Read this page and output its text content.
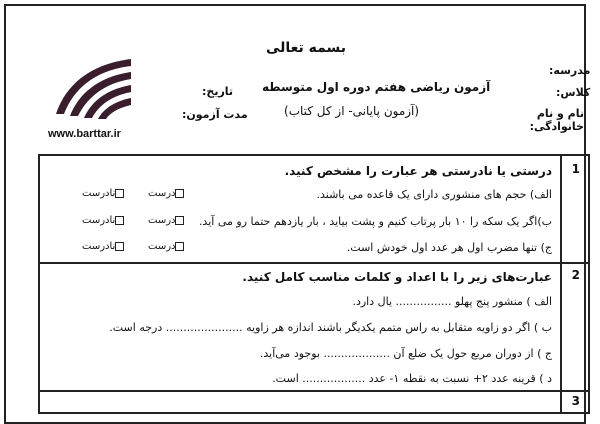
بسمه تعالی
آزمون ریاضی هفتم دوره اول متوسطه
(آزمون پایانی- از کل کتاب)
مدرسه:
کلاس:
نام و نام خانوادگی:
تاریخ:
مدت آزمون:
www.barttar.ir
1
2
3
درستی یا نادرستی هر عبارت را مشخص کنید.
الف) حجم های منشوری دارای یک قاعده می باشند.
ب)اگر یک سکه را ۱۰ بار پرتاب کنیم و پشت بیاید ، بار یازدهم حتما رو می آید.
ج) تنها مضرب اول هر عدد اول خودش است.
درست
نادرست
درست
نادرست
درست
نادرست
عبارت‌های زیر را با اعداد و کلمات مناسب کامل کنید.
الف ) منشور پنج پهلو ................ یال دارد.
ب ) اگر دو زاویه متقابل به راس متمم یکدیگر باشند اندازه هر زاویه ...................... درجه است.
ج ) از دوران مربع حول یک ضلع آن ................... بوجود می‌آید.
د ) قرینه عدد ۲+ نسبت به نقطه ۱- عدد .................. است.
